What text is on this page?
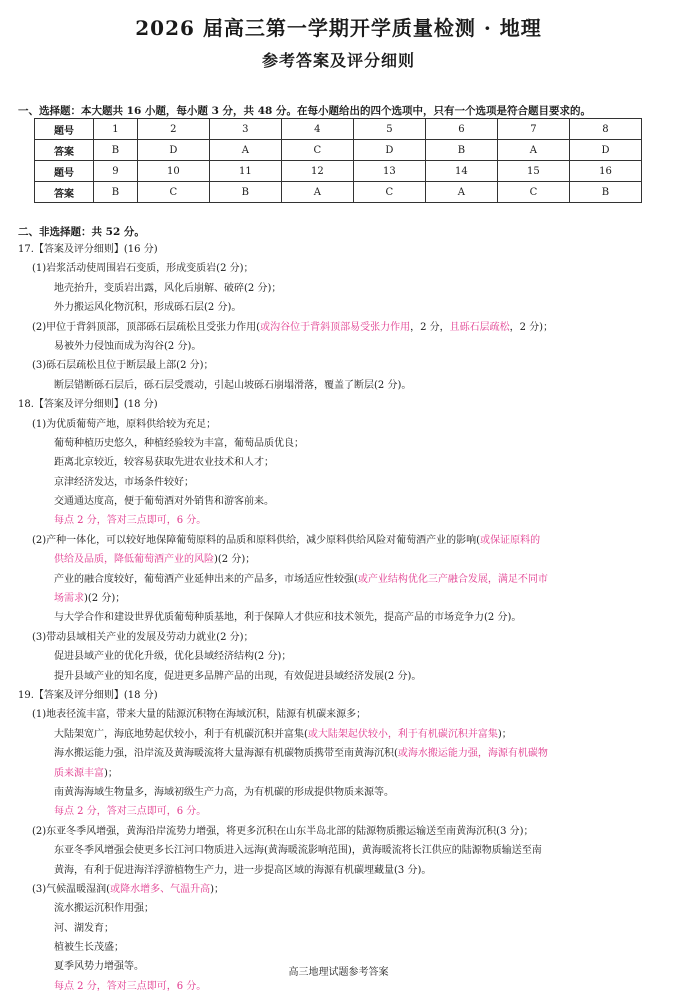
2026 届高三第一学期开学质量检测 · 地理
参考答案及评分细则
一、选择题：本大题共 16 小题，每小题 3 分，共 48 分。在每小题给出的四个选项中，只有一个选项是符合题目要求的。
题号	1	2	3	4	5	6	7	8
答案	B	D	A	C	D	B	A	D
题号	9	10	11	12	13	14	15	16
答案	B	C	B	A	C	A	C	B
二、非选择题：共 52 分。
17.【答案及评分细则】(16 分)
(1)岩浆活动使周围岩石变质，形成变质岩(2 分)；
地壳抬升，变质岩出露，风化后崩解、破碎(2 分)；
外力搬运风化物沉积，形成砾石层(2 分)。
(2)甲位于背斜顶部，顶部砾石层疏松且受张力作用(或沟谷位于背斜顶部易受张力作用，2 分，且砾石层疏松，2 分)；
易被外力侵蚀而成为沟谷(2 分)。
(3)砾石层疏松且位于断层最上部(2 分)；
断层错断砾石层后，砾石层受震动，引起山坡砾石崩塌滑落，覆盖了断层(2 分)。
18.【答案及评分细则】(18 分)
(1)为优质葡萄产地，原料供给较为充足；
葡萄种植历史悠久，种植经验较为丰富，葡萄品质优良；
距离北京较近，较容易获取先进农业技术和人才；
京津经济发达，市场条件较好；
交通通达度高，便于葡萄酒对外销售和游客前来。
每点 2 分，答对三点即可，6 分。
(2)产种一体化，可以较好地保障葡萄原料的品质和原料供给，减少原料供给风险对葡萄酒产业的影响(或保证原料的
供给及品质，降低葡萄酒产业的风险)(2 分)；
产业的融合度较好，葡萄酒产业延伸出来的产品多，市场适应性较强(或产业结构优化三产融合发展，满足不同市
场需求)(2 分)；
与大学合作和建设世界优质葡萄种质基地，利于保障人才供应和技术领先，提高产品的市场竞争力(2 分)。
(3)带动县域相关产业的发展及劳动力就业(2 分)；
促进县域产业的优化升级，优化县域经济结构(2 分)；
提升县域产业的知名度，促进更多品牌产品的出现，有效促进县域经济发展(2 分)。
19.【答案及评分细则】(18 分)
(1)地表径流丰富，带来大量的陆源沉积物在海域沉积，陆源有机碳来源多；
大陆架宽广，海底地势起伏较小，利于有机碳沉积并富集(或大陆架起伏较小，利于有机碳沉积并富集)；
海水搬运能力强，沿岸流及黄海暖流将大量海源有机碳物质携带至南黄海沉积(或海水搬运能力强，海源有机碳物
质来源丰富)；
南黄海海域生物量多，海域初级生产力高，为有机碳的形成提供物质来源等。
每点 2 分，答对三点即可，6 分。
(2)东亚冬季风增强，黄海沿岸流势力增强，将更多沉积在山东半岛北部的陆源物质搬运输送至南黄海沉积(3 分)；
东亚冬季风增强会使更多长江河口物质进入远海(黄海暖流影响范围)，黄海暖流将长江供应的陆源物质输送至南
黄海，有利于促进海洋浮游植物生产力，进一步提高区域的海源有机碳埋藏量(3 分)。
(3)气候温暖湿润(或降水增多、气温升高)；
流水搬运沉积作用强；
河、湖发育；
植被生长茂盛；
夏季风势力增强等。
每点 2 分，答对三点即可，6 分。
高三地理试题参考答案
